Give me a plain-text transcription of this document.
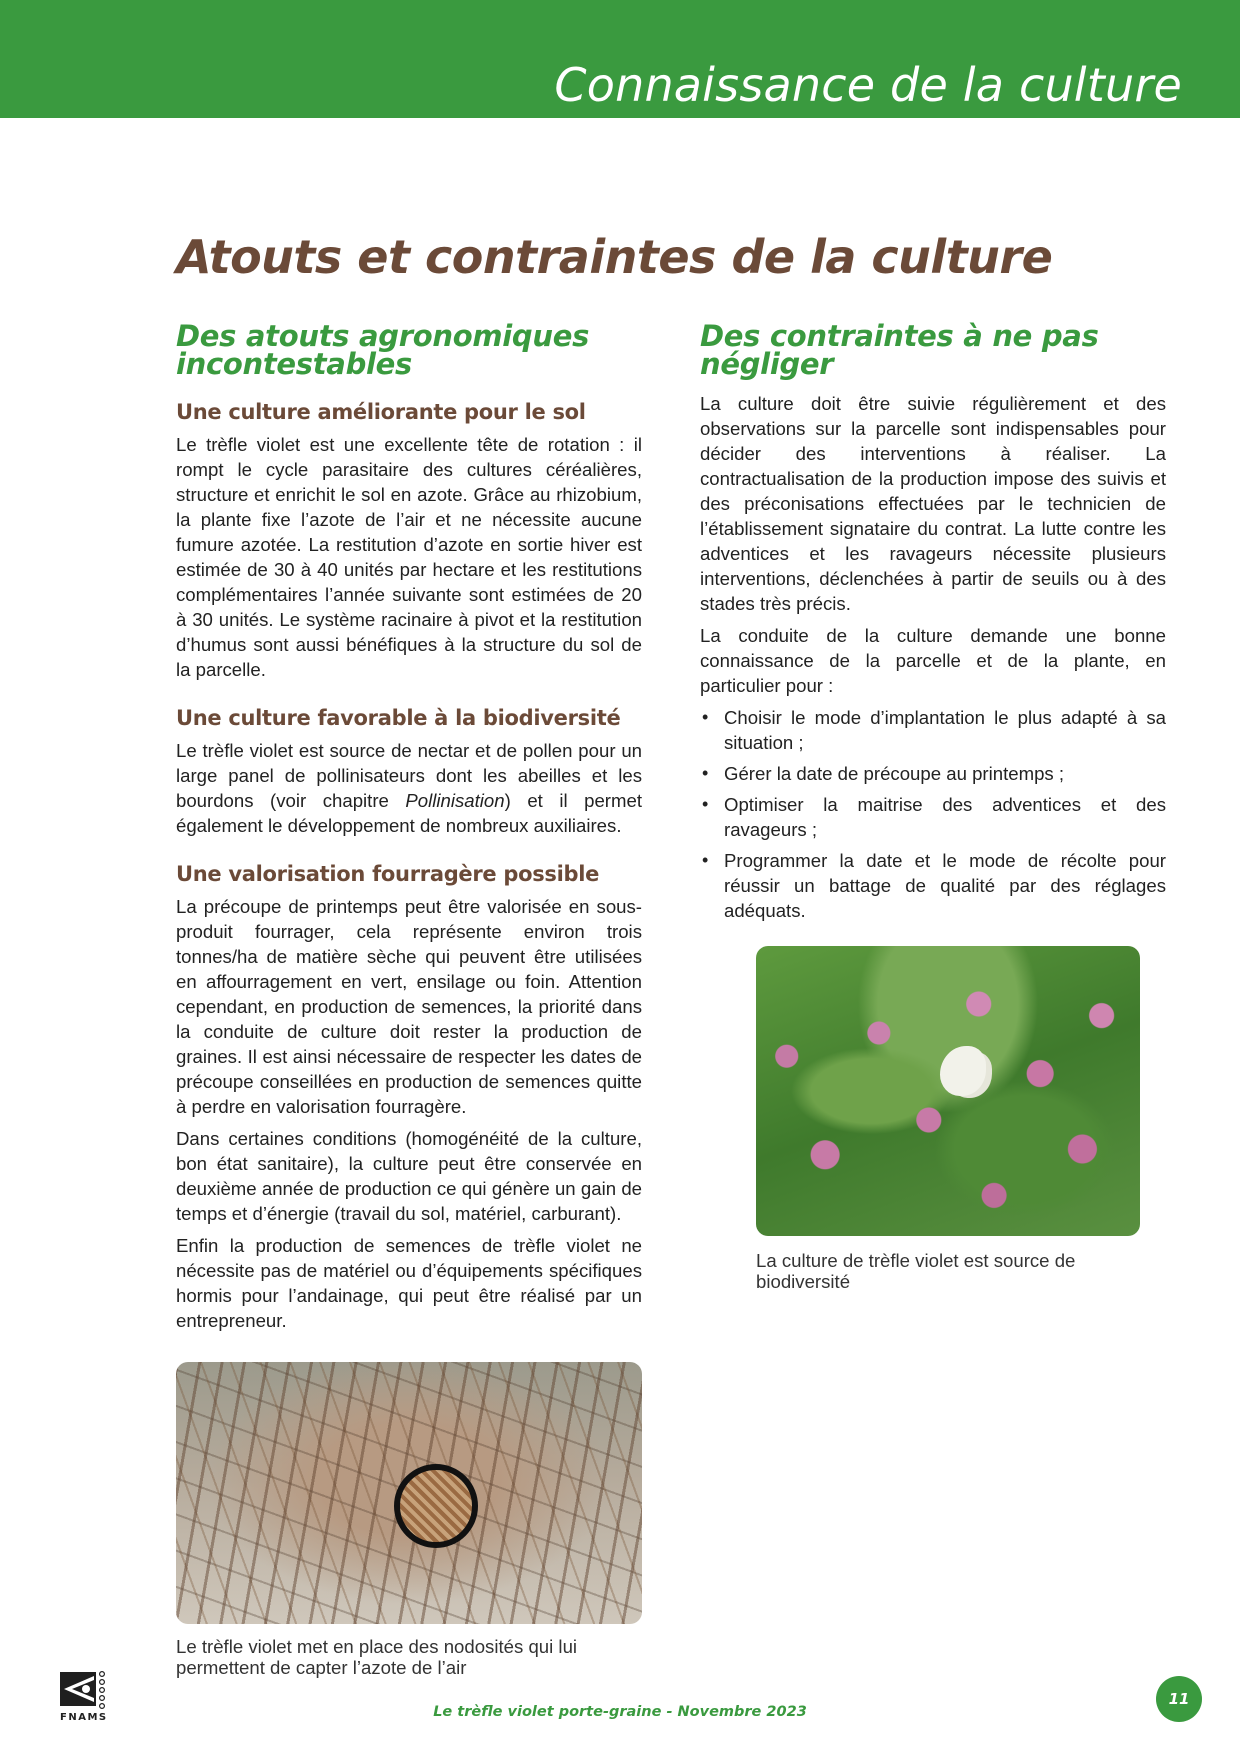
Connaissance de la culture
Atouts et contraintes de la culture
Des atouts agronomiques incontestables
Une culture améliorante pour le sol

Le trèfle violet est une excellente tête de rotation : il rompt le cycle parasitaire des cultures céréalières, structure et enrichit le sol en azote. Grâce au rhizobium, la plante fixe l’azote de l’air et ne nécessite aucune fumure azotée. La restitution d’azote en sortie hiver est estimée de 30 à 40 unités par hectare et les restitutions complémentaires l’année suivante sont estimées de 20 à 30 unités. Le système racinaire à pivot et la restitution d’humus sont aussi bénéfiques à la structure du sol de la parcelle.

Une culture favorable à la biodiversité

Le trèfle violet est source de nectar et de pollen pour un large panel de pollinisateurs dont les abeilles et les bourdons (voir chapitre Pollinisation) et il permet également le développement de nombreux auxiliaires.

Une valorisation fourragère possible

La précoupe de printemps peut être valorisée en sous-produit fourrager, cela représente environ trois tonnes/ha de matière sèche qui peuvent être utilisées en affourragement en vert, ensilage ou foin. Attention cependant, en production de semences, la priorité dans la conduite de culture doit rester la production de graines. Il est ainsi nécessaire de respecter les dates de précoupe conseillées en production de semences quitte à perdre en valorisation fourragère.

Dans certaines conditions (homogénéité de la culture, bon état sanitaire), la culture peut être conservée en deuxième année de production ce qui génère un gain de temps et d’énergie (travail du sol, matériel, carburant).

Enfin la production de semences de trèfle violet ne nécessite pas de matériel ou d’équipements spécifiques hormis pour l’andainage, qui peut être réalisé par un entrepreneur.

Des contraintes à ne pas négliger

La culture doit être suivie régulièrement et des observations sur la parcelle sont indispensables pour décider des interventions à réaliser. La contractualisation de la production impose des suivis et des préconisations effectuées par le technicien de l’établissement signataire du contrat. La lutte contre les adventices et les ravageurs nécessite plusieurs interventions, déclenchées à partir de seuils ou à des stades très précis.

La conduite de la culture demande une bonne connaissance de la parcelle et de la plante, en particulier pour :

• Choisir le mode d’implantation le plus adapté à sa situation ;
• Gérer la date de précoupe au printemps ;
• Optimiser la maitrise des adventices et des ravageurs ;
• Programmer la date et le mode de récolte pour réussir un battage de qualité par des réglages adéquats.

La culture de trèfle violet est source de biodiversité

Le trèfle violet met en place des nodosités qui lui permettent de capter l’azote de l’air

FNAMS	Le trèfle violet porte-graine - Novembre 2023

11
